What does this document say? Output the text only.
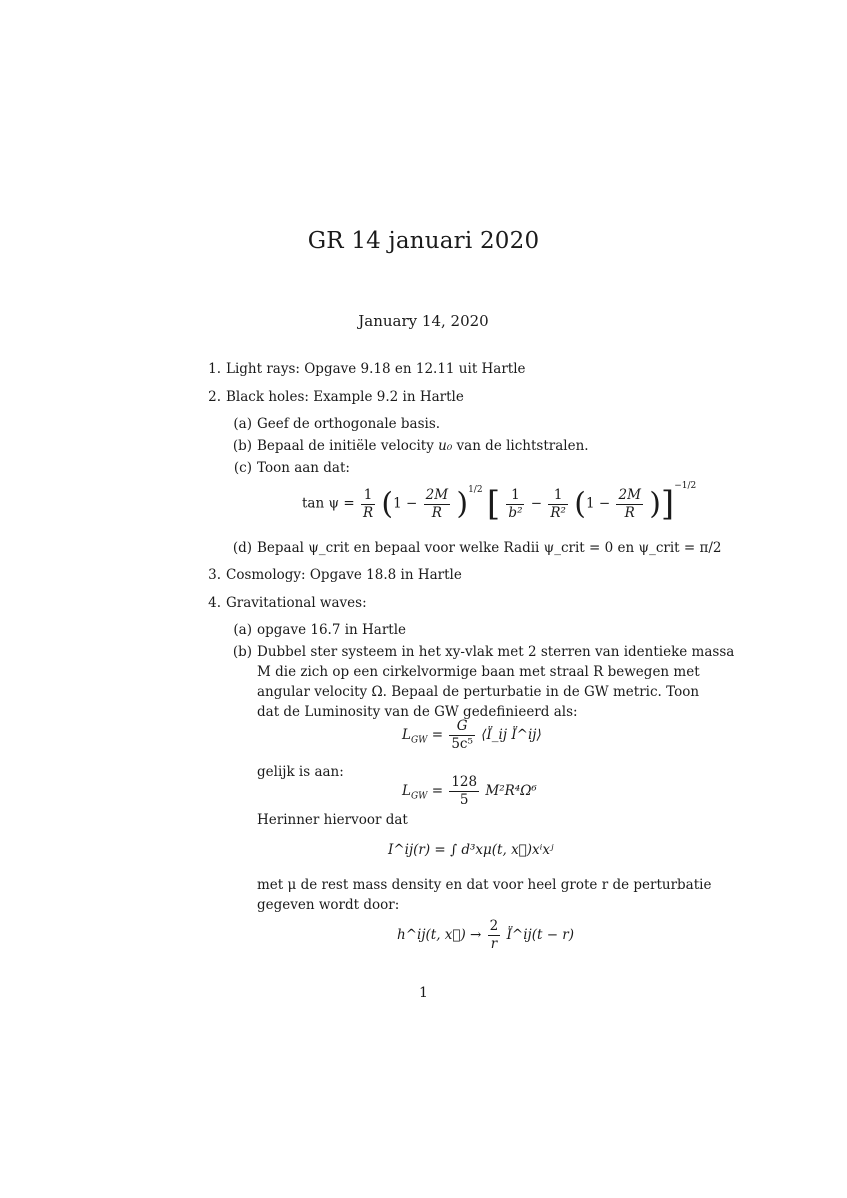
GR 14 januari 2020
January 14, 2020
1. Light rays: Opgave 9.18 en 12.11 uit Hartle
2. Black holes: Example 9.2 in Hartle
(a) Geef de orthogonale basis.
(b) Bepaal de initiële velocity u₀ van de lichtstralen.
(c) Toon aan dat:
$\tan \psi = \frac{1}{R} (1 - \frac{2M}{R} )^{1/2}$ [ $\frac{1}{\text{b²}} - \frac{1}{\text{R²}} (1 - \frac{2M}{R} )]^{-1/2}$
(d) Bepaal ψ_crit en bepaal voor welke Radii ψ_crit = 0 en ψ_crit = π/2
3. Cosmology: Opgave 18.8 in Hartle
4. Gravitational waves:
(a) opgave 16.7 in Hartle
(b) Dubbel ster systeem in het xy-vlak met 2 sterren van identieke massa
M die zich op een cirkelvormige baan met straal R bewegen met
angular velocity Ω. Bepaal de perturbatie in de GW metric. Toon
dat de Luminosity van de GW gedefinieerd als:
$L_{GW} = \frac{G}{\text{5c⁵}}$ ⟨Ï_ij Ï^ij⟩
gelijk is aan:
$L_{GW} = \frac{128}{5} M^2R^4\Omega^6$
Herinner hiervoor dat
I^ij(r) = ∫ d³xμ(t, x⃗)xⁱxʲ
met μ de rest mass density en dat voor heel grote r de perturbatie
gegeven wordt door:
h^ij(t, x⃗) → $\frac{2}{r}$ Ï^ij(t − r)
1
